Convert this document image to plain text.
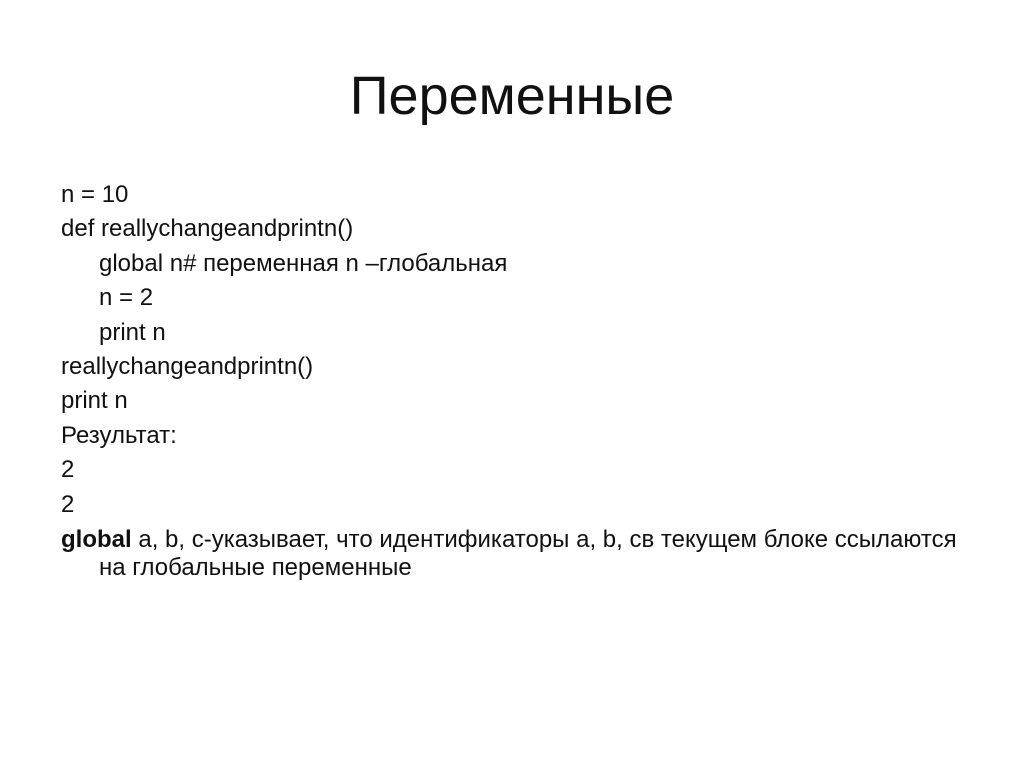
Переменные
n = 10
def reallychangeandprintn()
global n# переменная n –глобальная
n = 2
print n
reallychangeandprintn()
print n
Результат:
2
2
global a, b, c-указывает, что идентификаторы a, b, св текущем блоке ссылаются на глобальные переменные
